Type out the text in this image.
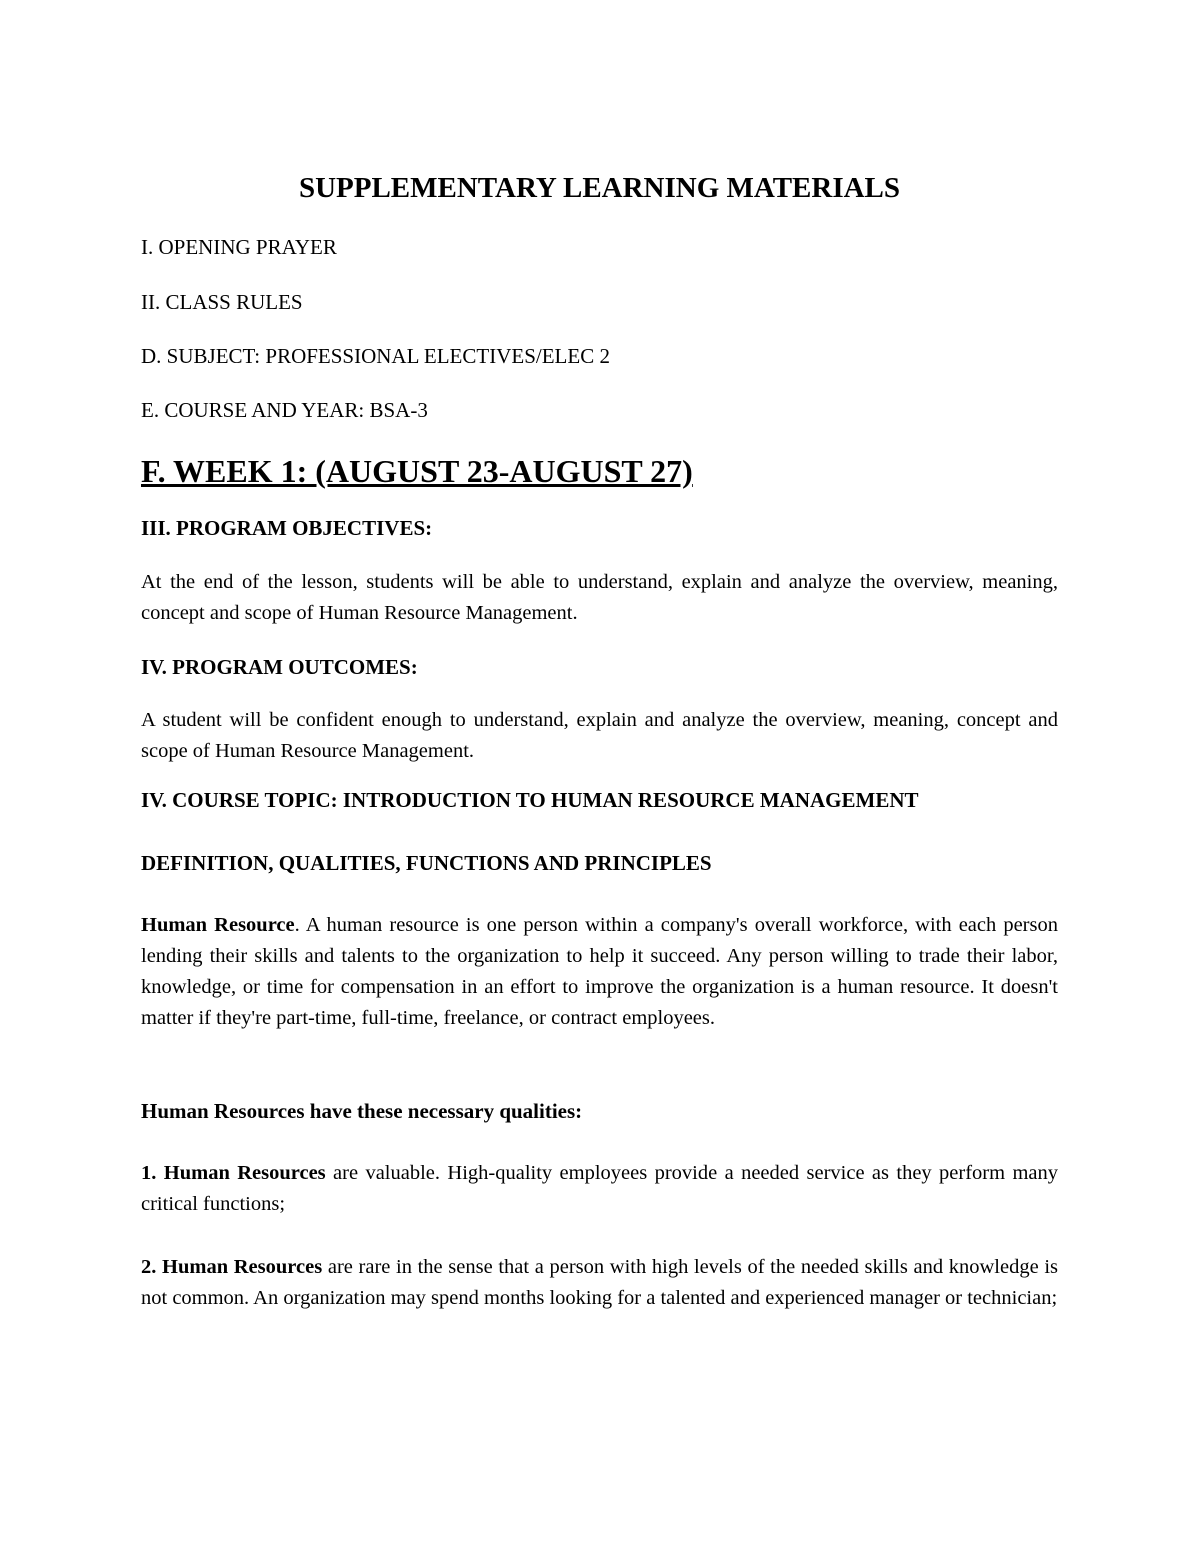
SUPPLEMENTARY LEARNING MATERIALS
I. OPENING PRAYER
II. CLASS RULES
D. SUBJECT: PROFESSIONAL ELECTIVES/ELEC 2
E. COURSE AND YEAR: BSA-3
F. WEEK 1: (AUGUST 23-AUGUST 27)
III. PROGRAM OBJECTIVES:
At the end of the lesson, students will be able to understand, explain and analyze the overview, meaning, concept and scope of Human Resource Management.
IV. PROGRAM OUTCOMES:
A student will be confident enough to understand, explain and analyze the overview, meaning, concept and scope of Human Resource Management.
IV. COURSE TOPIC: INTRODUCTION TO HUMAN RESOURCE MANAGEMENT
DEFINITION, QUALITIES, FUNCTIONS AND PRINCIPLES
Human Resource. A human resource is one person within a company's overall workforce, with each person lending their skills and talents to the organization to help it succeed. Any person willing to trade their labor, knowledge, or time for compensation in an effort to improve the organization is a human resource. It doesn't matter if they're part-time, full-time, freelance, or contract employees.
Human Resources have these necessary qualities:
1. Human Resources are valuable. High-quality employees provide a needed service as they perform many critical functions;
2. Human Resources are rare in the sense that a person with high levels of the needed skills and knowledge is not common. An organization may spend months looking for a talented and experienced manager or technician;
